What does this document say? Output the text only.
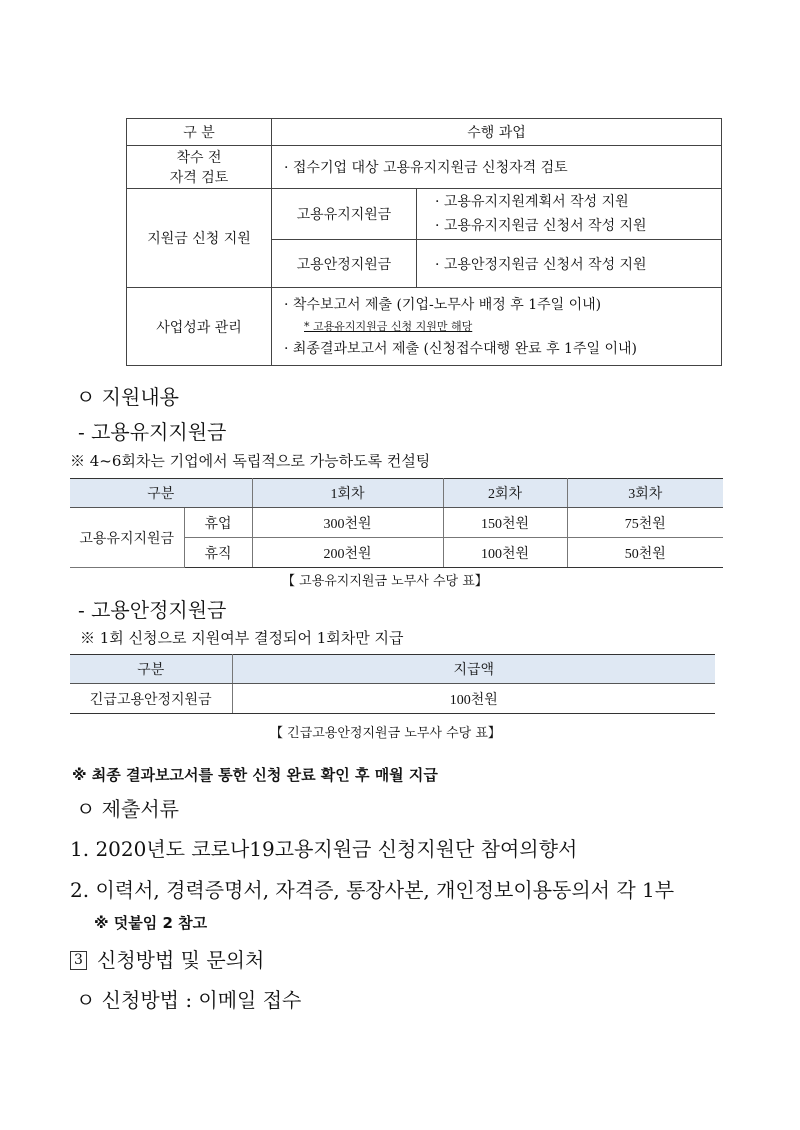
구 분	수행 과업	

착수 전
자격 검토	· 접수기업 대상 고용유지지원금 신청자격 검토	
지원금 신청 지원	고용유지지원금	· 고용유지지원계획서 작성 지원
· 고용유지지원금 신청서 작성 지원

	고용안정지원금	· 고용안정지원금 신청서 작성 지원
사업성과 관리	· 착수보고서 제출 (기업-노무사 배정 후 1주일 이내)
* 고용유지지원금 신청 지원만 해당
· 최종결과보고서 제출 (신청접수대행 완료 후 1주일 이내)	
ㅇ 지원내용
- 고용유지지원금
※ 4~6회차는 기업에서 독립적으로 가능하도록 컨설팅
구분		1회차	2회차	3회차
고용유지지원금	휴업	300천원	150천원	75천원
	휴직	200천원	100천원	50천원
【 고용유지지원금 노무사 수당 표】
- 고용안정지원금
※ 1회 신청으로 지원여부 결정되어 1회차만 지급
구분	지급액
긴급고용안정지원금	100천원
【 긴급고용안정지원금 노무사 수당 표】
※ 최종 결과보고서를 통한 신청 완료 확인 후 매월 지급
ㅇ 제출서류
1. 2020년도 코로나19고용지원금 신청지원단 참여의향서
2. 이력서, 경력증명서, 자격증, 통장사본, 개인정보이용동의서 각 1부
※ 덧붙임 2 참고
3 신청방법 및 문의처
ㅇ 신청방법 : 이메일 접수
